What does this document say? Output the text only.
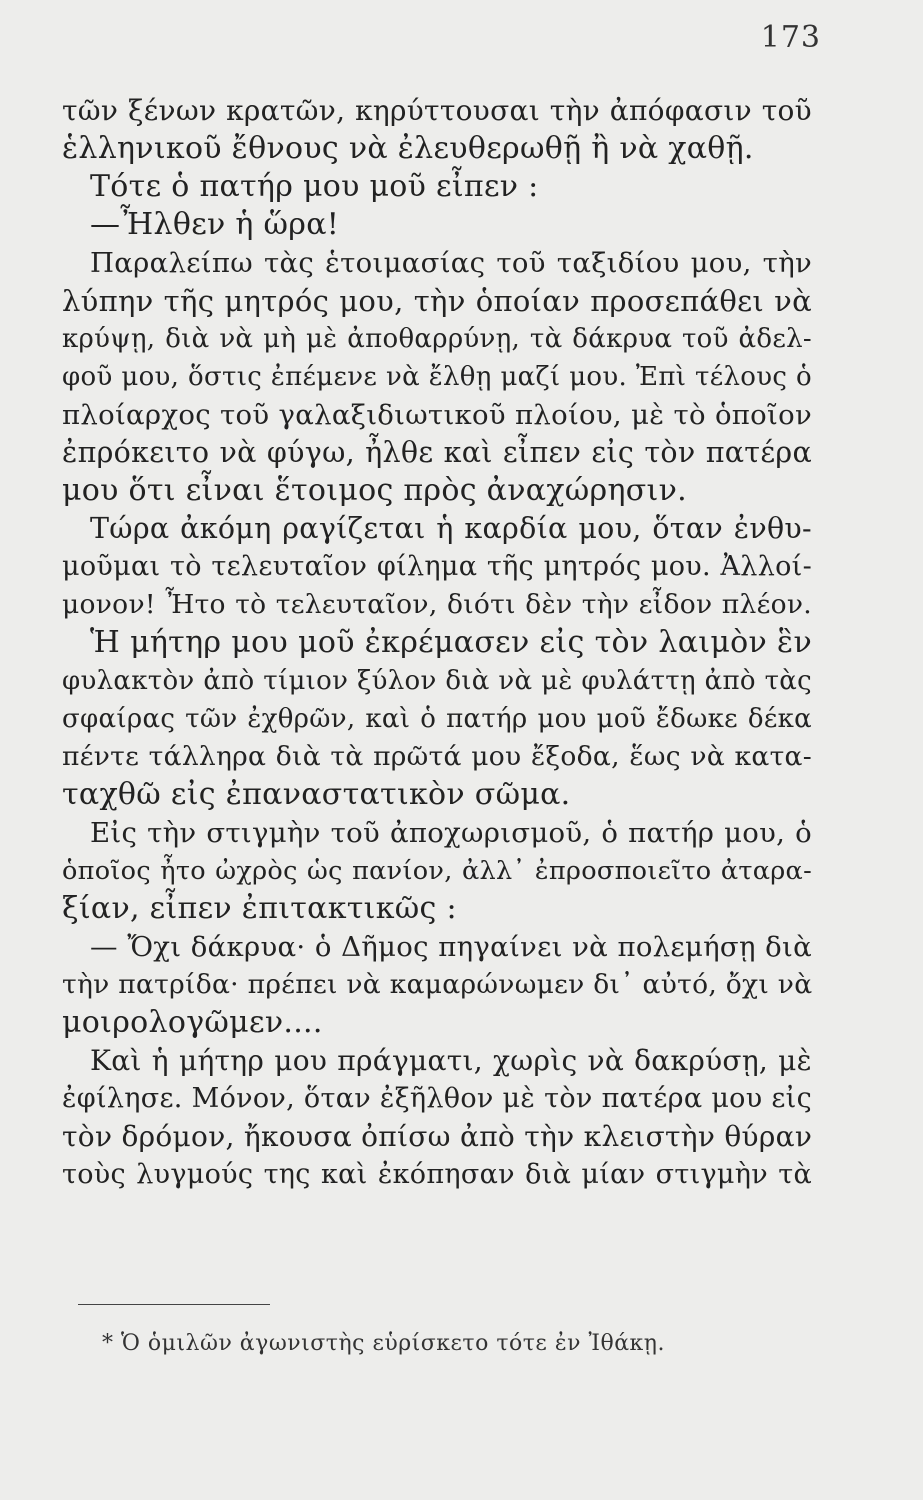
173
τῶν ξένων κρατῶν, κηρύττουσαι τὴν ἀπόφασιν τοῦ
ἑλληνικοῦ ἔθνους νὰ ἐλευθερωθῇ ἢ νὰ χαθῇ.
Τότε ὁ πατήρ μου μοῦ εἶπεν :
—Ἦλθεν ἡ ὥρα!
Παραλείπω τὰς ἑτοιμασίας τοῦ ταξιδίου μου, τὴν
λύπην τῆς μητρός μου, τὴν ὁποίαν προσεπάθει νὰ
κρύψῃ, διὰ νὰ μὴ μὲ ἀποθαρρύνῃ, τὰ δάκρυα τοῦ ἀδελ-
φοῦ μου, ὅστις ἐπέμενε νὰ ἔλθῃ μαζί μου. Ἐπὶ τέλους ὁ
πλοίαρχος τοῦ γαλαξιδιωτικοῦ πλοίου, μὲ τὸ ὁποῖον
ἐπρόκειτο νὰ φύγω, ἦλθε καὶ εἶπεν εἰς τὸν πατέρα
μου ὅτι εἶναι ἕτοιμος πρὸς ἀναχώρησιν.
Τώρα ἀκόμη ραγίζεται ἡ καρδία μου, ὅταν ἐνθυ-
μοῦμαι τὸ τελευταῖον φίλημα τῆς μητρός μου. Ἀλλοί-
μονον! Ἦτο τὸ τελευταῖον, διότι δὲν τὴν εἶδον πλέον.
Ἡ μήτηρ μου μοῦ ἐκρέμασεν εἰς τὸν λαιμὸν ἓν
φυλακτὸν ἀπὸ τίμιον ξύλον διὰ νὰ μὲ φυλάττῃ ἀπὸ τὰς
σφαίρας τῶν ἐχθρῶν, καὶ ὁ πατήρ μου μοῦ ἔδωκε δέκα
πέντε τάλληρα διὰ τὰ πρῶτά μου ἔξοδα, ἕως νὰ κατα-
ταχθῶ εἰς ἐπαναστατικὸν σῶμα.
Εἰς τὴν στιγμὴν τοῦ ἀποχωρισμοῦ, ὁ πατήρ μου, ὁ
ὁποῖος ἦτο ὠχρὸς ὡς πανίον, ἀλλ᾽ ἐπροσποιεῖτο ἀταρα-
ξίαν, εἶπεν ἐπιτακτικῶς :
— Ὄχι δάκρυα· ὁ Δῆμος πηγαίνει νὰ πολεμήσῃ διὰ
τὴν πατρίδα· πρέπει νὰ καμαρώνωμεν δι᾽ αὐτό, ὄχι νὰ
μοιρολογῶμεν....
Καὶ ἡ μήτηρ μου πράγματι, χωρὶς νὰ δακρύσῃ, μὲ
ἐφίλησε. Μόνον, ὅταν ἐξῆλθον μὲ τὸν πατέρα μου εἰς
τὸν δρόμον, ἤκουσα ὀπίσω ἀπὸ τὴν κλειστὴν θύραν
τοὺς λυγμούς της καὶ ἐκόπησαν διὰ μίαν στιγμὴν τὰ
* Ὁ ὁμιλῶν ἀγωνιστὴς εὑρίσκετο τότε ἐν Ἰθάκῃ.
